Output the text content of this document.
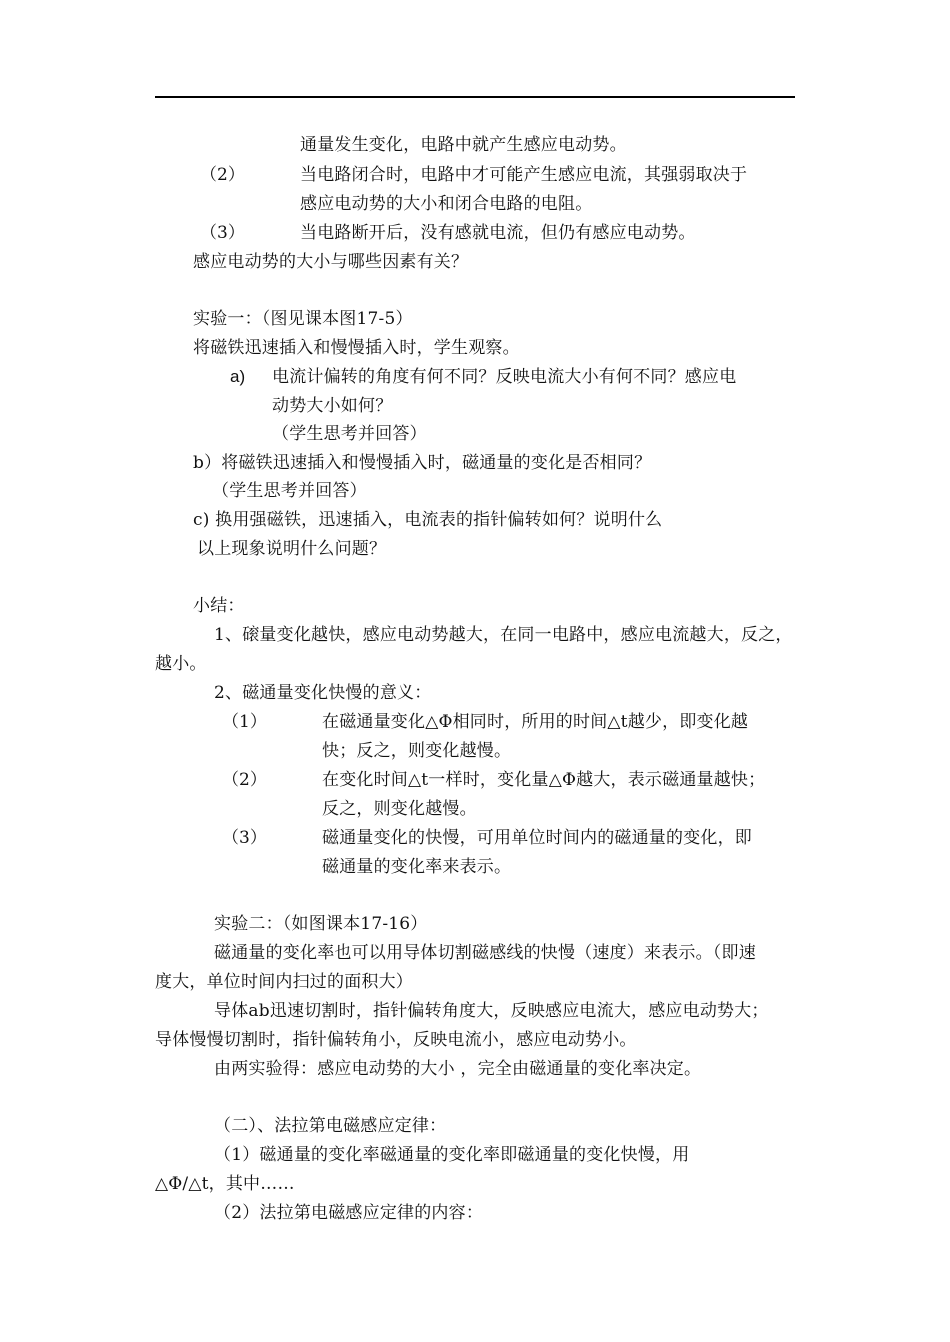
通量发生变化，电路中就产生感应电动势。
（2）	当电路闭合时，电路中才可能产生感应电流，其强弱取决于
感应电动势的大小和闭合电路的电阻。
（3）	当电路断开后，没有感就电流，但仍有感应电动势。
感应电动势的大小与哪些因素有关？
实验一：（图见课本图17-5）
将磁铁迅速插入和慢慢插入时，学生观察。
a) 电流计偏转的角度有何不同？反映电流大小有何不同？感应电
动势大小如何？
（学生思考并回答）
b）将磁铁迅速插入和慢慢插入时，磁通量的变化是否相同？
（学生思考并回答）
c) 换用强磁铁，迅速插入，电流表的指针偏转如何？说明什么
以上现象说明什么问题？
小结：
1、磙量变化越快，感应电动势越大，在同一电路中，感应电流越大，反之，
越小。
2、磁通量变化快慢的意义：
（1）	在磁通量变化△Φ相同时，所用的时间△t越少，即变化越
快；反之，则变化越慢。
（2）	在变化时间△t一样时，变化量△Φ越大，表示磁通量越快；
反之，则变化越慢。
（3）	磁通量变化的快慢，可用单位时间内的磁通量的变化，即
磁通量的变化率来表示。
实验二：（如图课本17-16）
磁通量的变化率也可以用导体切割磁感线的快慢（速度）来表示。（即速
度大，单位时间内扫过的面积大）
导体ab迅速切割时，指针偏转角度大，反映感应电流大，感应电动势大；
导体慢慢切割时，指针偏转角小，反映电流小，感应电动势小。
由两实验得：感应电动势的大小 ，完全由磁通量的变化率决定。
（二）、法拉第电磁感应定律：
（1）磁通量的变化率磁通量的变化率即磁通量的变化快慢，用
△Φ/△t，其中……
（2）法拉第电磁感应定律的内容：
